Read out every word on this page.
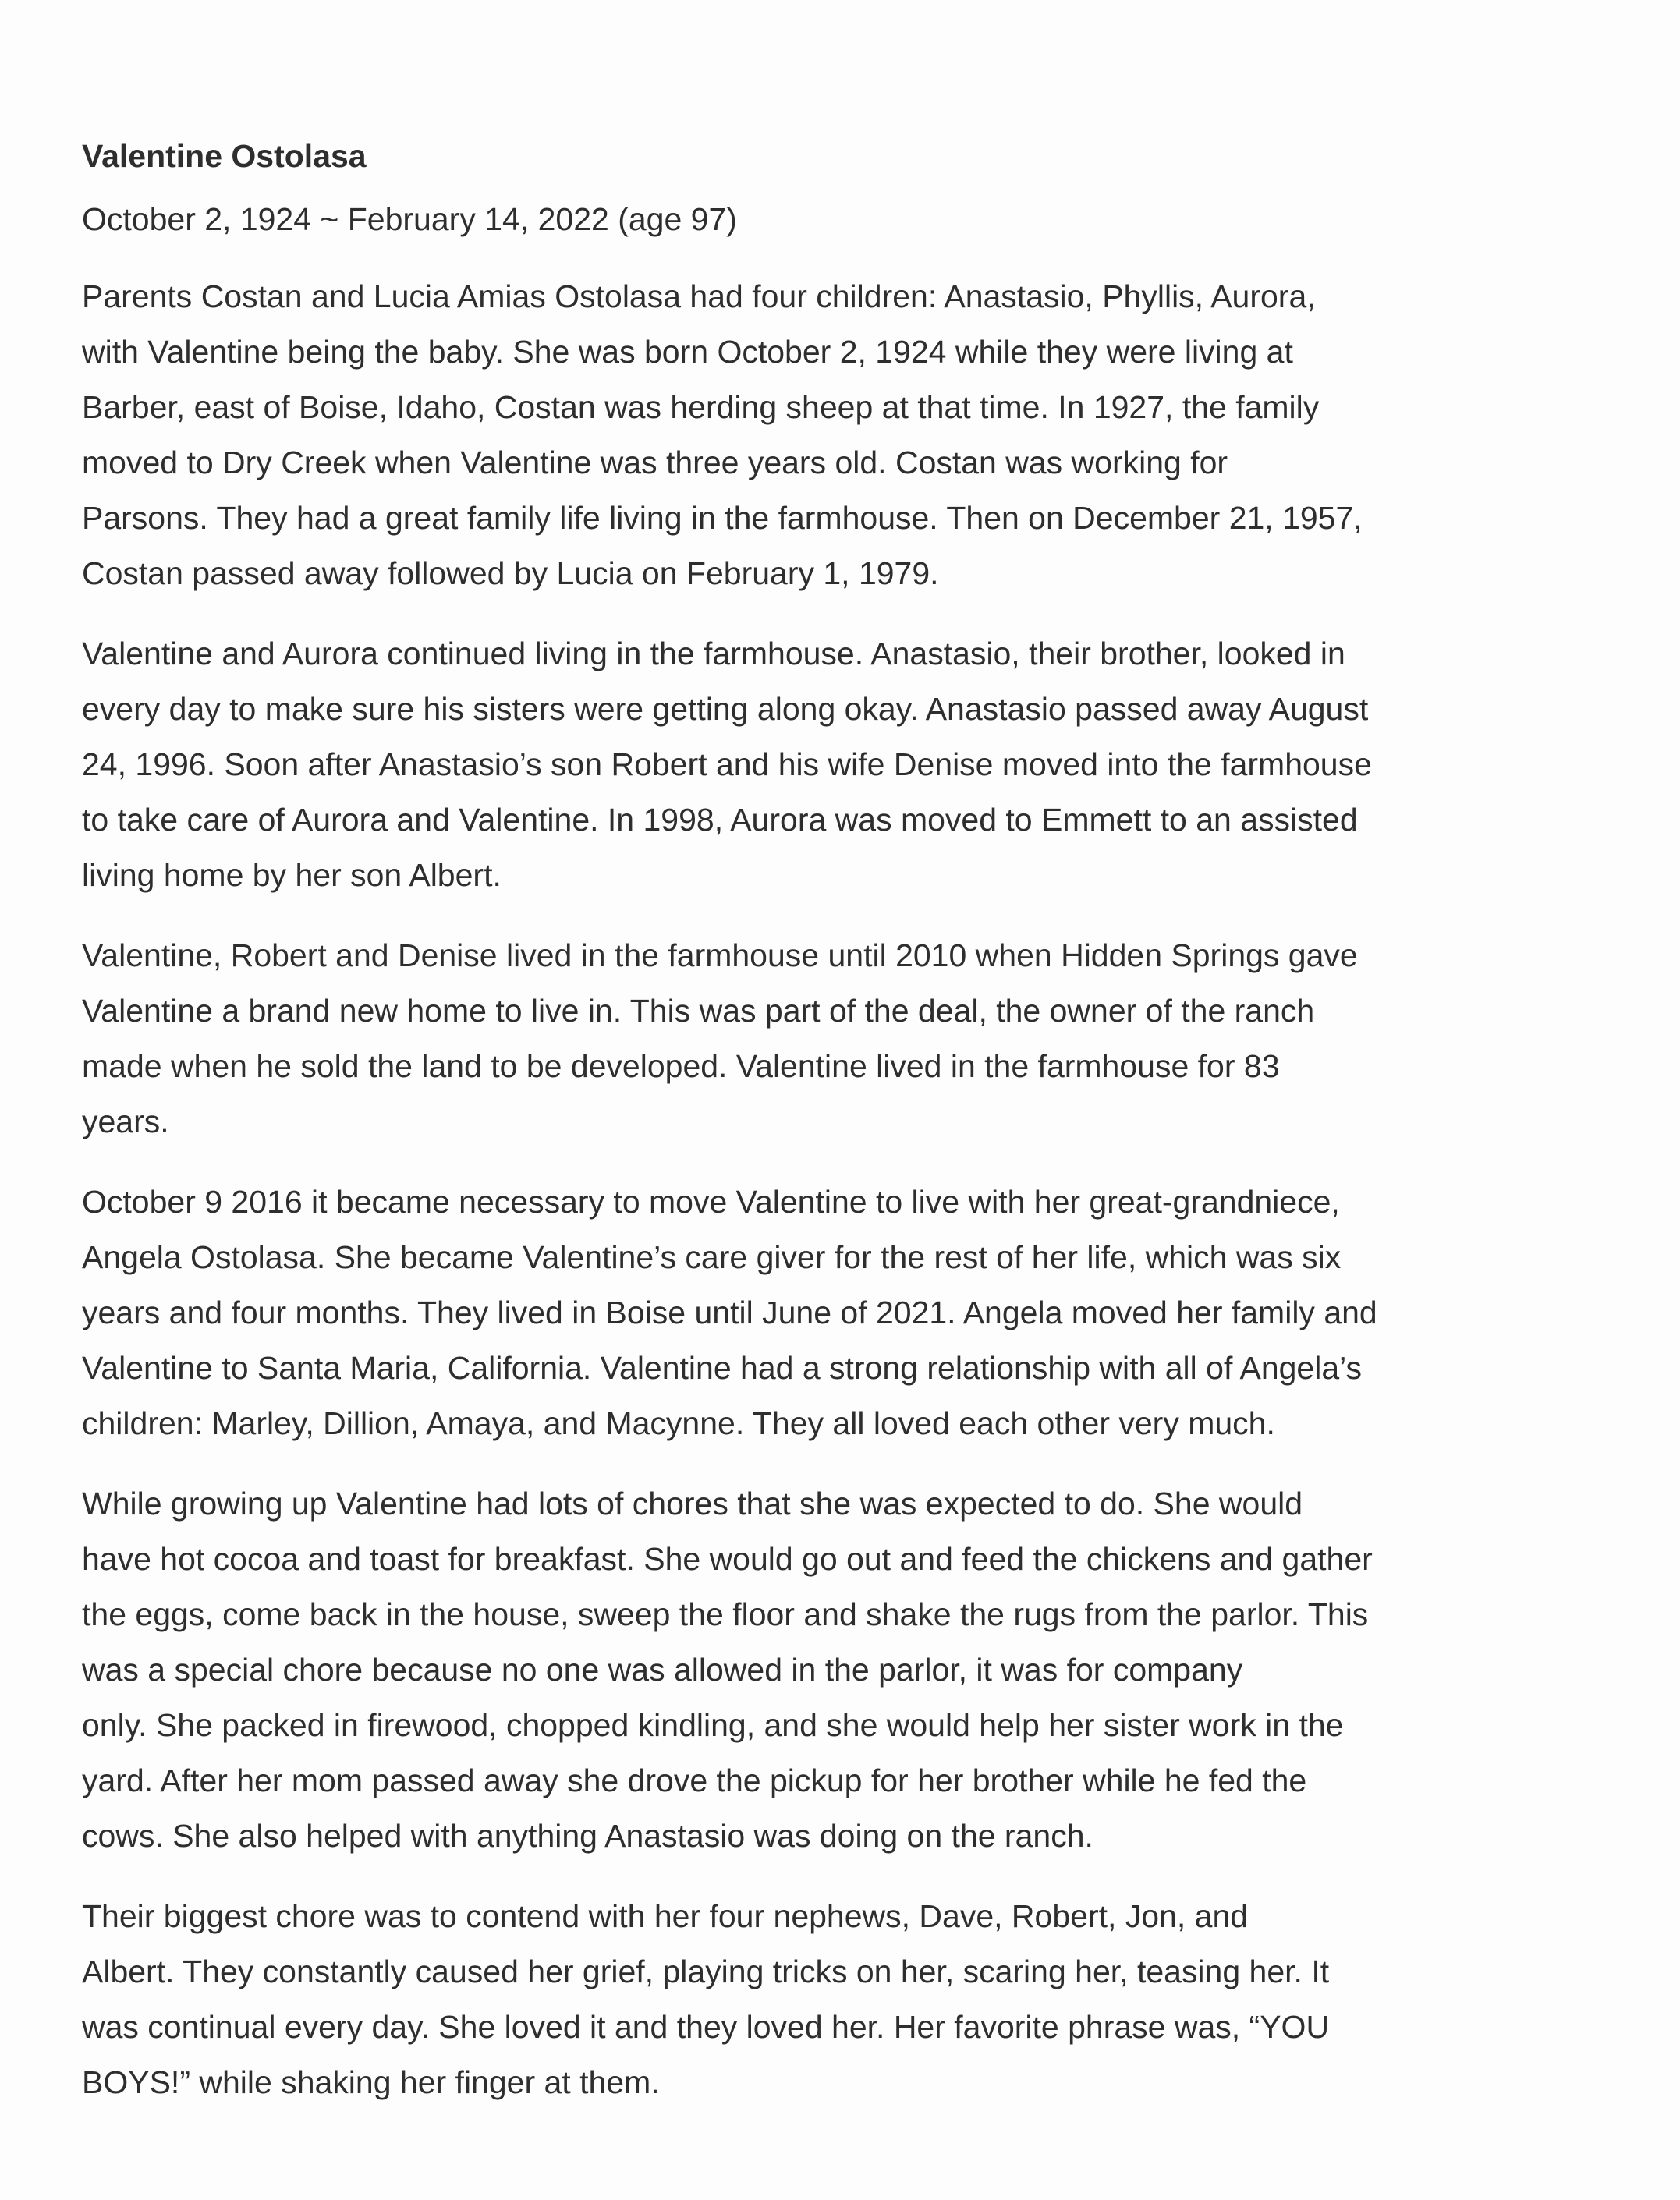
Valentine Ostolasa
October 2, 1924 ~ February 14, 2022 (age 97)
Parents Costan and Lucia Amias Ostolasa had four children: Anastasio, Phyllis, Aurora,
with Valentine being the baby. She was born October 2, 1924 while they were living at
Barber, east of Boise, Idaho, Costan was herding sheep at that time. In 1927, the family
moved to Dry Creek when Valentine was three years old. Costan was working for
Parsons. They had a great family life living in the farmhouse. Then on December 21, 1957,
Costan passed away followed by Lucia on February 1, 1979.
Valentine and Aurora continued living in the farmhouse. Anastasio, their brother, looked in
every day to make sure his sisters were getting along okay. Anastasio passed away August
24, 1996. Soon after Anastasio’s son Robert and his wife Denise moved into the farmhouse
to take care of Aurora and Valentine. In 1998, Aurora was moved to Emmett to an assisted
living home by her son Albert.
Valentine, Robert and Denise lived in the farmhouse until 2010 when Hidden Springs gave
Valentine a brand new home to live in. This was part of the deal, the owner of the ranch
made when he sold the land to be developed. Valentine lived in the farmhouse for 83
years.
October 9 2016 it became necessary to move Valentine to live with her great-grandniece,
Angela Ostolasa. She became Valentine’s care giver for the rest of her life, which was six
years and four months. They lived in Boise until June of 2021. Angela moved her family and
Valentine to Santa Maria, California. Valentine had a strong relationship with all of Angela’s
children: Marley, Dillion, Amaya, and Macynne. They all loved each other very much.
While growing up Valentine had lots of chores that she was expected to do. She would
have hot cocoa and toast for breakfast. She would go out and feed the chickens and gather
the eggs, come back in the house, sweep the floor and shake the rugs from the parlor. This
was a special chore because no one was allowed in the parlor, it was for company
only. She packed in firewood, chopped kindling, and she would help her sister work in the
yard. After her mom passed away she drove the pickup for her brother while he fed the
cows. She also helped with anything Anastasio was doing on the ranch.
Their biggest chore was to contend with her four nephews, Dave, Robert, Jon, and
Albert. They constantly caused her grief, playing tricks on her, scaring her, teasing her. It
was continual every day. She loved it and they loved her. Her favorite phrase was, “YOU
BOYS!” while shaking her finger at them.
